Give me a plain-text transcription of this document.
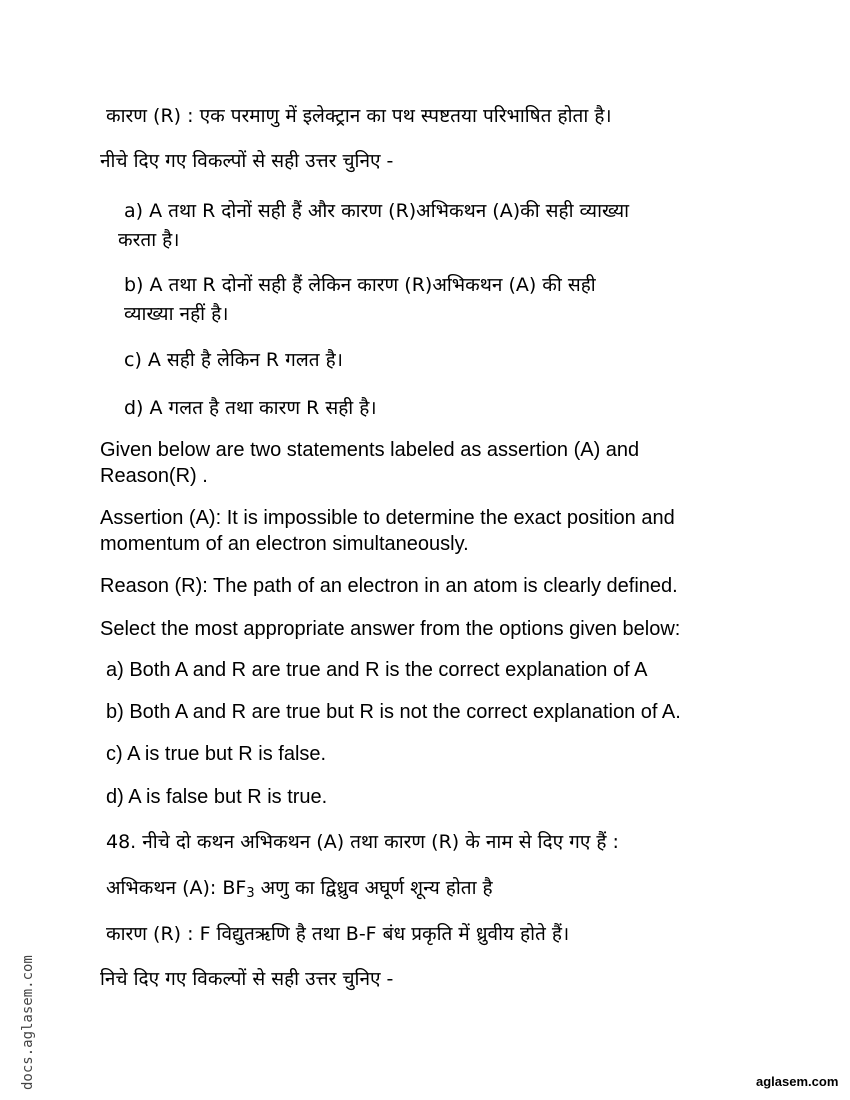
कारण (R) : एक परमाणु में इलेक्ट्रान का पथ स्पष्टतया परिभाषित होता है।
नीचे दिए गए विकल्पों से सही उत्तर चुनिए -
a) A तथा R दोनों सही हैं और कारण (R)अभिकथन (A)की सही व्याख्या
करता है।
b) A तथा R दोनों सही हैं लेकिन कारण (R)अभिकथन (A) की सही
व्याख्या नहीं है।
c) A सही है लेकिन R गलत है।
d) A गलत है तथा कारण R सही है।
Given below are two statements labeled as assertion (A) and
Reason(R) .
Assertion (A): It is impossible to determine the exact position and
momentum of an electron simultaneously.
Reason (R): The path of an electron in an atom is clearly defined.
Select the most appropriate answer from the options given below:
a) Both A and R are true and R is the correct explanation of A
b) Both A and R are true but R is not the correct explanation of A.
c) A is true but R is false.
d) A is false but R is true.
48. नीचे दो कथन अभिकथन (A) तथा कारण (R) के नाम से दिए गए हैं :
अभिकथन (A): $BF_3$ अणु का द्विध्रुव अघूर्ण शून्य होता है
कारण (R) : F विद्युतऋणि है तथा B-F बंध प्रकृति में ध्रुवीय होते हैं।
निचे दिए गए विकल्पों से सही उत्तर चुनिए -
docs.aglasem.com	aglasem.com
